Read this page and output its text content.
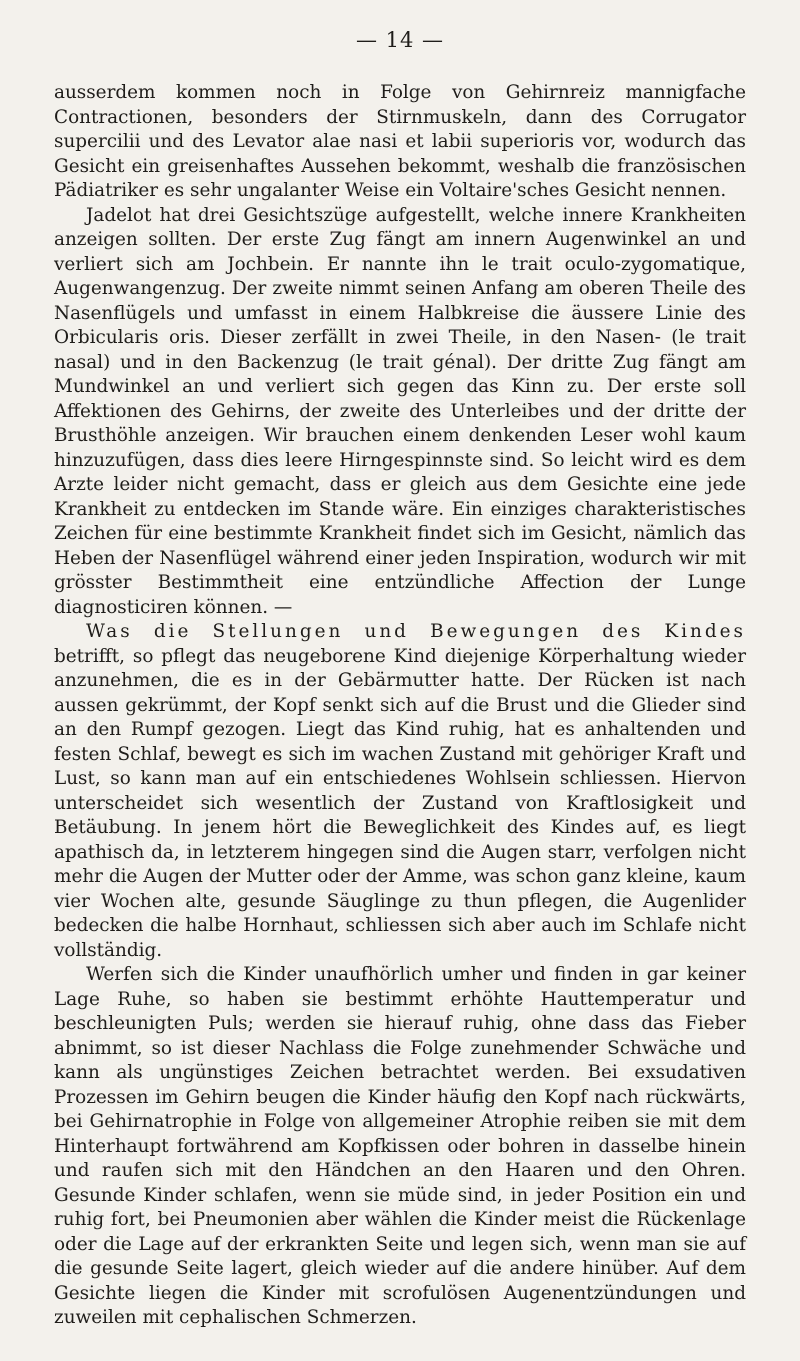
— 14 —

ausserdem kommen noch in Folge von Gehirnreiz mannigfache Contractionen, besonders der Stirnmuskeln, dann des Corrugator supercilii und des Levator alae nasi et labii superioris vor, wodurch das Gesicht ein greisenhaftes Aussehen bekommt, weshalb die französischen Pädiatriker es sehr ungalanter Weise ein Voltaire'sches Gesicht nennen.

Jadelot hat drei Gesichtszüge aufgestellt, welche innere Krankheiten anzeigen sollten. Der erste Zug fängt am innern Augenwinkel an und verliert sich am Jochbein. Er nannte ihn le trait oculo-zygomatique, Augenwangenzug. Der zweite nimmt seinen Anfang am oberen Theile des Nasenflügels und umfasst in einem Halbkreise die äussere Linie des Orbicularis oris. Dieser zerfällt in zwei Theile, in den Nasen- (le trait nasal) und in den Backenzug (le trait génal). Der dritte Zug fängt am Mundwinkel an und verliert sich gegen das Kinn zu. Der erste soll Affektionen des Gehirns, der zweite des Unterleibes und der dritte der Brusthöhle anzeigen. Wir brauchen einem denkenden Leser wohl kaum hinzuzufügen, dass dies leere Hirngespinnste sind. So leicht wird es dem Arzte leider nicht gemacht, dass er gleich aus dem Gesichte eine jede Krankheit zu entdecken im Stande wäre. Ein einziges charakteristisches Zeichen für eine bestimmte Krankheit findet sich im Gesicht, nämlich das Heben der Nasenflügel während einer jeden Inspiration, wodurch wir mit grösster Bestimmtheit eine entzündliche Affection der Lunge diagnosticiren können. —

Was die Stellungen und Bewegungen des Kindes betrifft, so pflegt das neugeborene Kind diejenige Körperhaltung wieder anzunehmen, die es in der Gebärmutter hatte. Der Rücken ist nach aussen gekrümmt, der Kopf senkt sich auf die Brust und die Glieder sind an den Rumpf gezogen. Liegt das Kind ruhig, hat es anhaltenden und festen Schlaf, bewegt es sich im wachen Zustand mit gehöriger Kraft und Lust, so kann man auf ein entschiedenes Wohlsein schliessen. Hiervon unterscheidet sich wesentlich der Zustand von Kraftlosigkeit und Betäubung. In jenem hört die Beweglichkeit des Kindes auf, es liegt apathisch da, in letzterem hingegen sind die Augen starr, verfolgen nicht mehr die Augen der Mutter oder der Amme, was schon ganz kleine, kaum vier Wochen alte, gesunde Säuglinge zu thun pflegen, die Augenlider bedecken die halbe Hornhaut, schliessen sich aber auch im Schlafe nicht vollständig.

Werfen sich die Kinder unaufhörlich umher und finden in gar keiner Lage Ruhe, so haben sie bestimmt erhöhte Hauttemperatur und beschleunigten Puls; werden sie hierauf ruhig, ohne dass das Fieber abnimmt, so ist dieser Nachlass die Folge zunehmender Schwäche und kann als ungünstiges Zeichen betrachtet werden. Bei exsudativen Prozessen im Gehirn beugen die Kinder häufig den Kopf nach rückwärts, bei Gehirnatrophie in Folge von allgemeiner Atrophie reiben sie mit dem Hinterhaupt fortwährend am Kopfkissen oder bohren in dasselbe hinein und raufen sich mit den Händchen an den Haaren und den Ohren. Gesunde Kinder schlafen, wenn sie müde sind, in jeder Position ein und ruhig fort, bei Pneumonien aber wählen die Kinder meist die Rückenlage oder die Lage auf der erkrankten Seite und legen sich, wenn man sie auf die gesunde Seite lagert, gleich wieder auf die andere hinüber. Auf dem Gesichte liegen die Kinder mit scrofulösen Augenentzündungen und zuweilen mit cephalischen Schmerzen.
